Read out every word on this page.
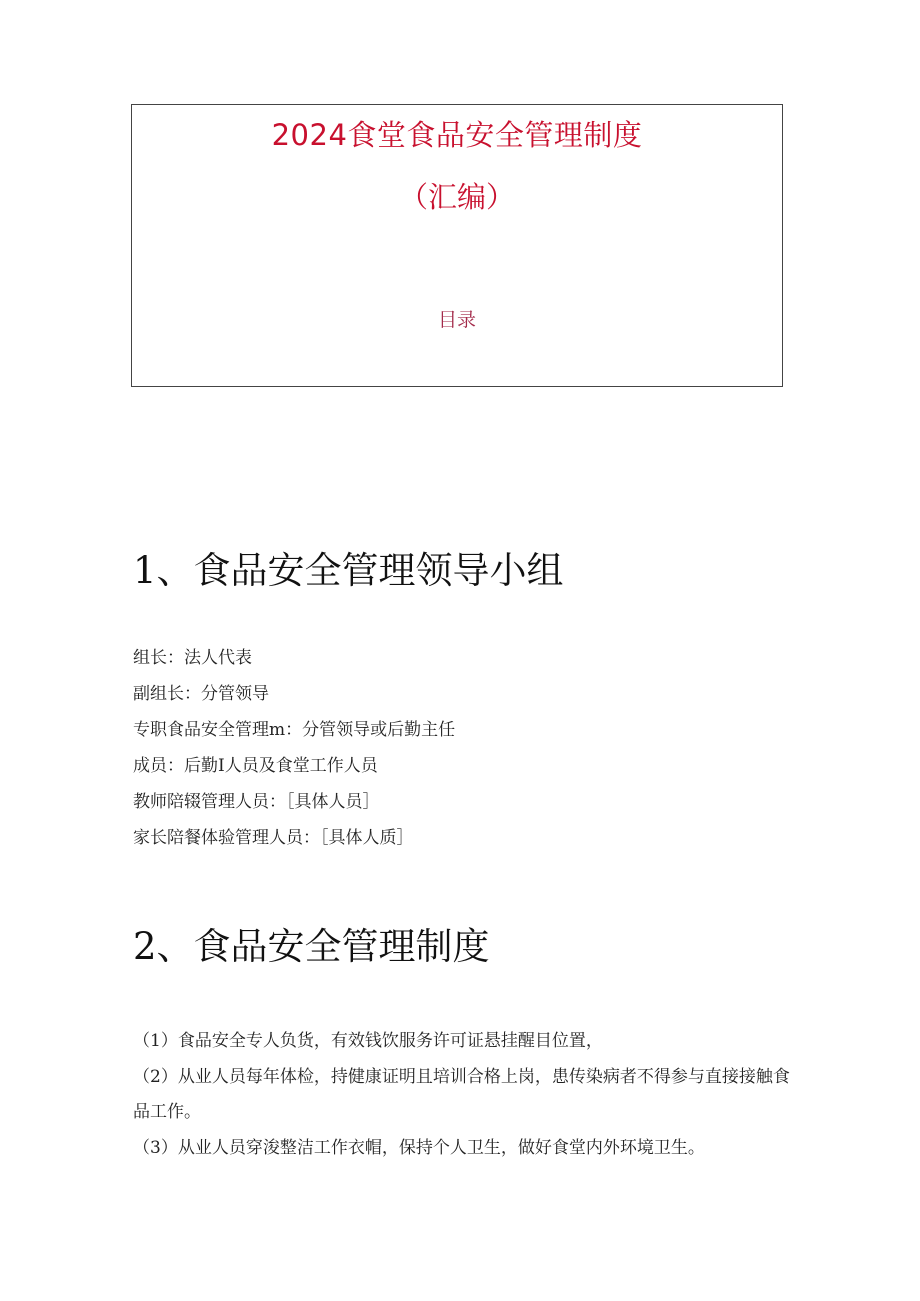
2024食堂食品安全管理制度
（汇编）
目录
1、食品安全管理领导小组
组长：法人代表
副组长：分管领导
专职食品安全管理m：分管领导或后勤主任
成员：后勤I人员及食堂工作人员
教师陪辍管理人员：［具体人员］
家长陪餐体验管理人员：［具体人质］
2、食品安全管理制度
（1）食品安全专人负货，有效钱饮服务许可证悬挂醒目位置，
（2）从业人员每年体检，持健康证明且培训合格上岗，患传染病者不得参与直接接触食品工作。
（3）从业人员穿浚整洁工作衣帽，保持个人卫生，做好食堂内外环境卫生。
